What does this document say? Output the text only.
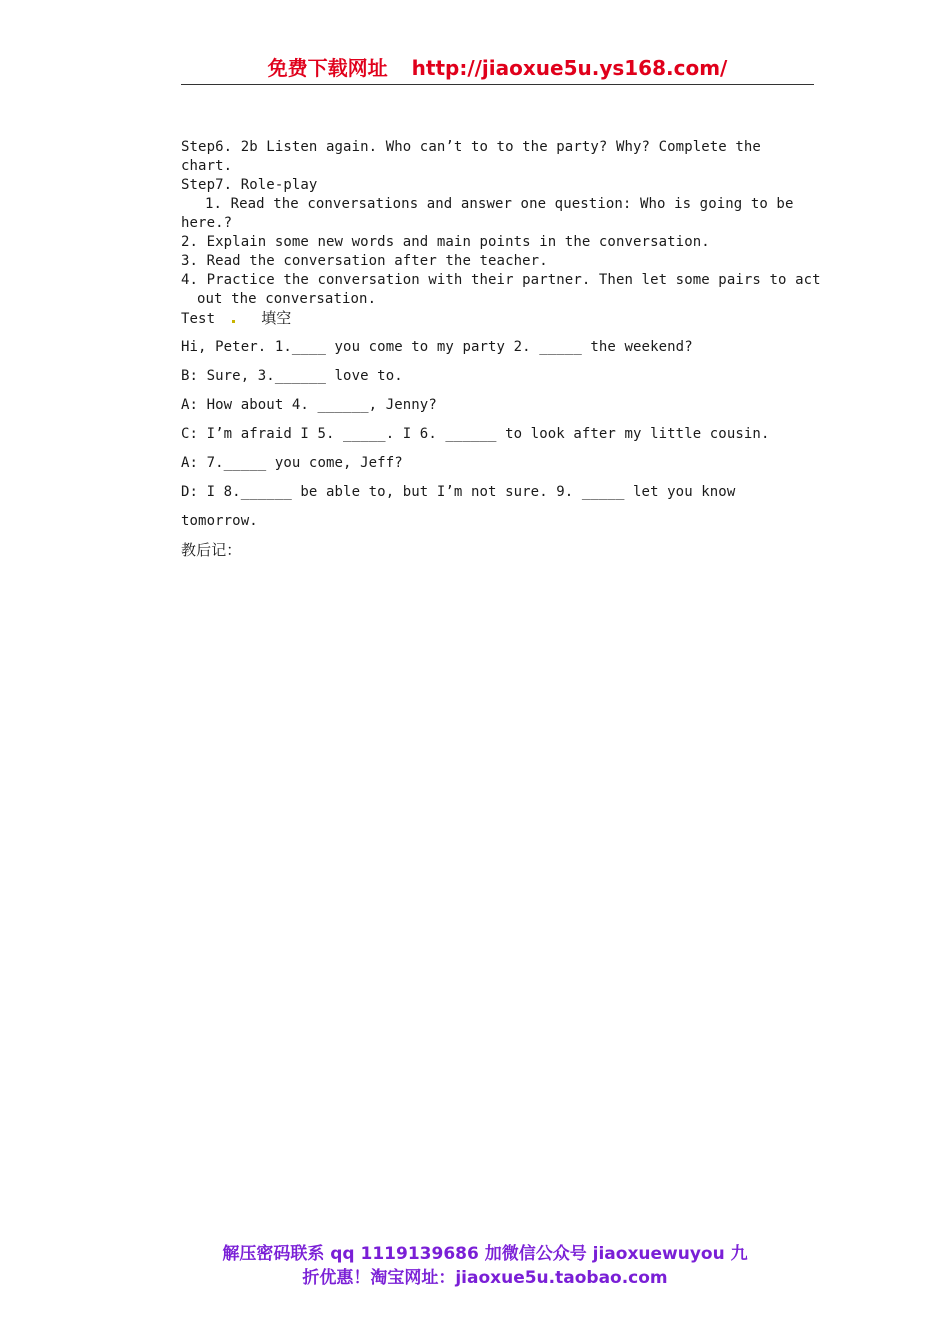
免费下载网址 http://jiaoxue5u.ys168.com/
Step6. 2b Listen again. Who can’t to to the party? Why? Complete the
chart.
Step7. Role-play
1. Read the conversations and answer one question: Who is going to be
here.?
2. Explain some new words and main points in the conversation.
3. Read the conversation after the teacher.
4. Practice the conversation with their partner. Then let some pairs to act
out the conversation.
Test	填空
Hi, Peter. 1.____ you come to my party 2. _____ the weekend?
B: Sure, 3.______ love to.
A: How about 4. ______, Jenny?
C: I’m afraid I 5. _____. I 6. ______ to look after my little cousin.
A: 7._____ you come, Jeff?
D: I 8.______ be able to, but I’m not sure. 9. _____ let you know
tomorrow.
教后记：
解压密码联系 qq 1119139686 加微信公众号 jiaoxuewuyou 九
折优惠！淘宝网址：jiaoxue5u.taobao.com
